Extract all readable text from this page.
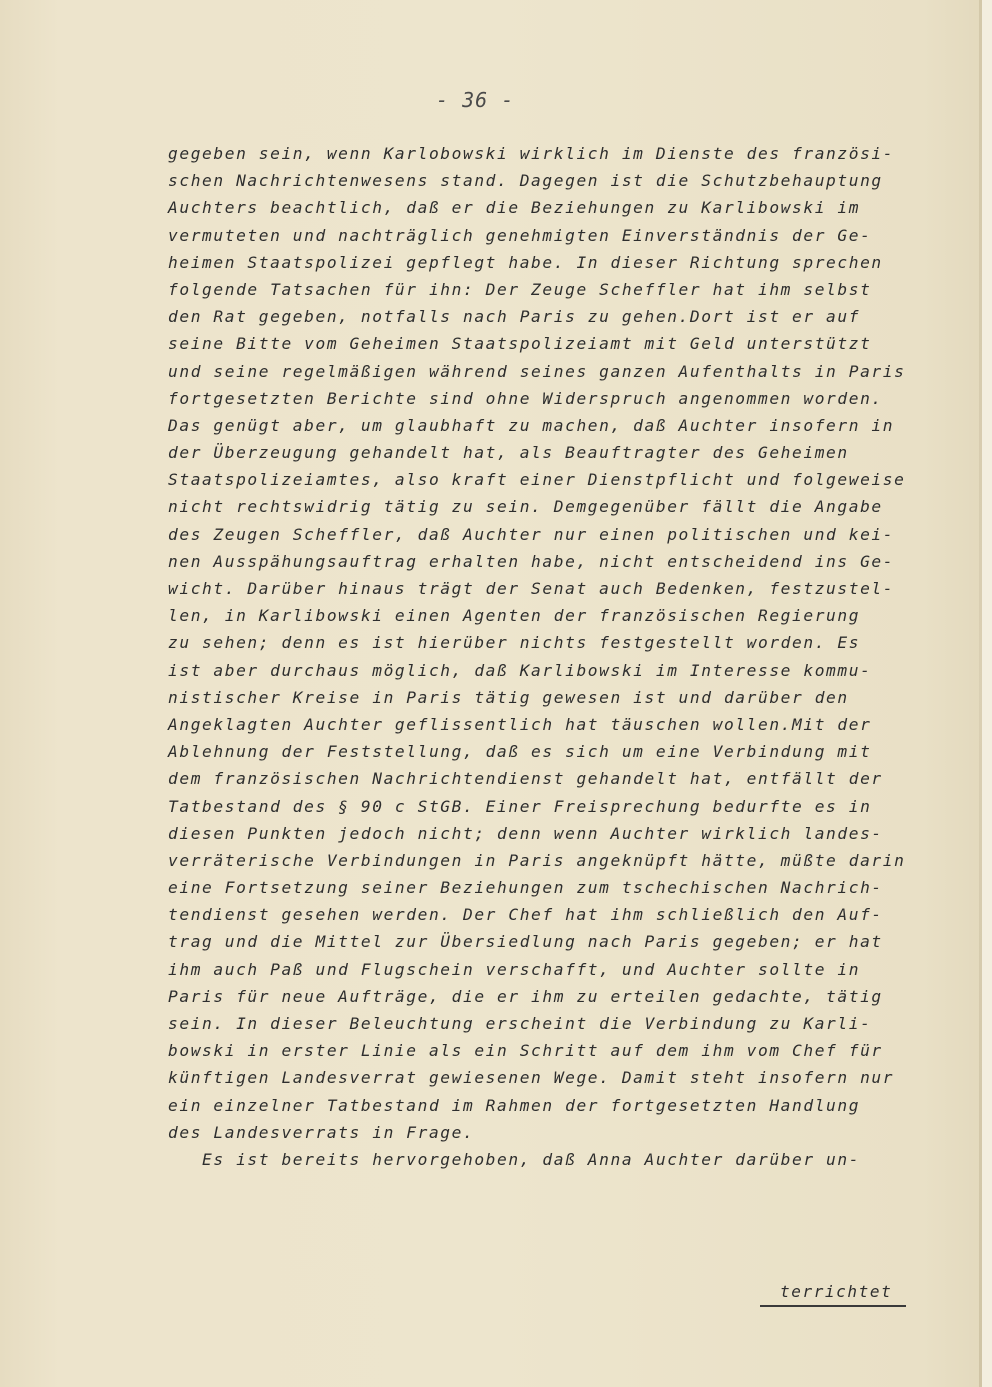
- 36 -

gegeben sein, wenn Karlobowski wirklich im Dienste des französi-
schen Nachrichtenwesens stand. Dagegen ist die Schutzbehauptung
Auchters beachtlich, daß er die Beziehungen zu Karlibowski im
vermuteten und nachträglich genehmigten Einverständnis der Ge-
heimen Staatspolizei gepflegt habe. In dieser Richtung sprechen
folgende Tatsachen für ihn: Der Zeuge Scheffler hat ihm selbst
den Rat gegeben, notfalls nach Paris zu gehen.Dort ist er auf
seine Bitte vom Geheimen Staatspolizeiamt mit Geld unterstützt
und seine regelmäßigen während seines ganzen Aufenthalts in Paris
fortgesetzten Berichte sind ohne Widerspruch angenommen worden.
Das genügt aber, um glaubhaft zu machen, daß Auchter insofern in
der Überzeugung gehandelt hat, als Beauftragter des Geheimen
Staatspolizeiamtes, also kraft einer Dienstpflicht und folgeweise
nicht rechtswidrig tätig zu sein. Demgegenüber fällt die Angabe
des Zeugen Scheffler, daß Auchter nur einen politischen und kei-
nen Ausspähungsauftrag erhalten habe, nicht entscheidend ins Ge-
wicht. Darüber hinaus trägt der Senat auch Bedenken, festzustel-
len, in Karlibowski einen Agenten der französischen Regierung
zu sehen; denn es ist hierüber nichts festgestellt worden. Es
ist aber durchaus möglich, daß Karlibowski im Interesse kommu-
nistischer Kreise in Paris tätig gewesen ist und darüber den
Angeklagten Auchter geflissentlich hat täuschen wollen.Mit der
Ablehnung der Feststellung, daß es sich um eine Verbindung mit
dem französischen Nachrichtendienst gehandelt hat, entfällt der
Tatbestand des § 90 c StGB. Einer Freisprechung bedurfte es in
diesen Punkten jedoch nicht; denn wenn Auchter wirklich landes-
verräterische Verbindungen in Paris angeknüpft hätte, müßte darin
eine Fortsetzung seiner Beziehungen zum tschechischen Nachrich-
tendienst gesehen werden. Der Chef hat ihm schließlich den Auf-
trag und die Mittel zur Übersiedlung nach Paris gegeben; er hat
ihm auch Paß und Flugschein verschafft, und Auchter sollte in
Paris für neue Aufträge, die er ihm zu erteilen gedachte, tätig
sein. In dieser Beleuchtung erscheint die Verbindung zu Karli-
bowski in erster Linie als ein Schritt auf dem ihm vom Chef für
künftigen Landesverrat gewiesenen Wege. Damit steht insofern nur
ein einzelner Tatbestand im Rahmen der fortgesetzten Handlung
des Landesverrats in Frage.
Es ist bereits hervorgehoben, daß Anna Auchter darüber un-

terrichtet
